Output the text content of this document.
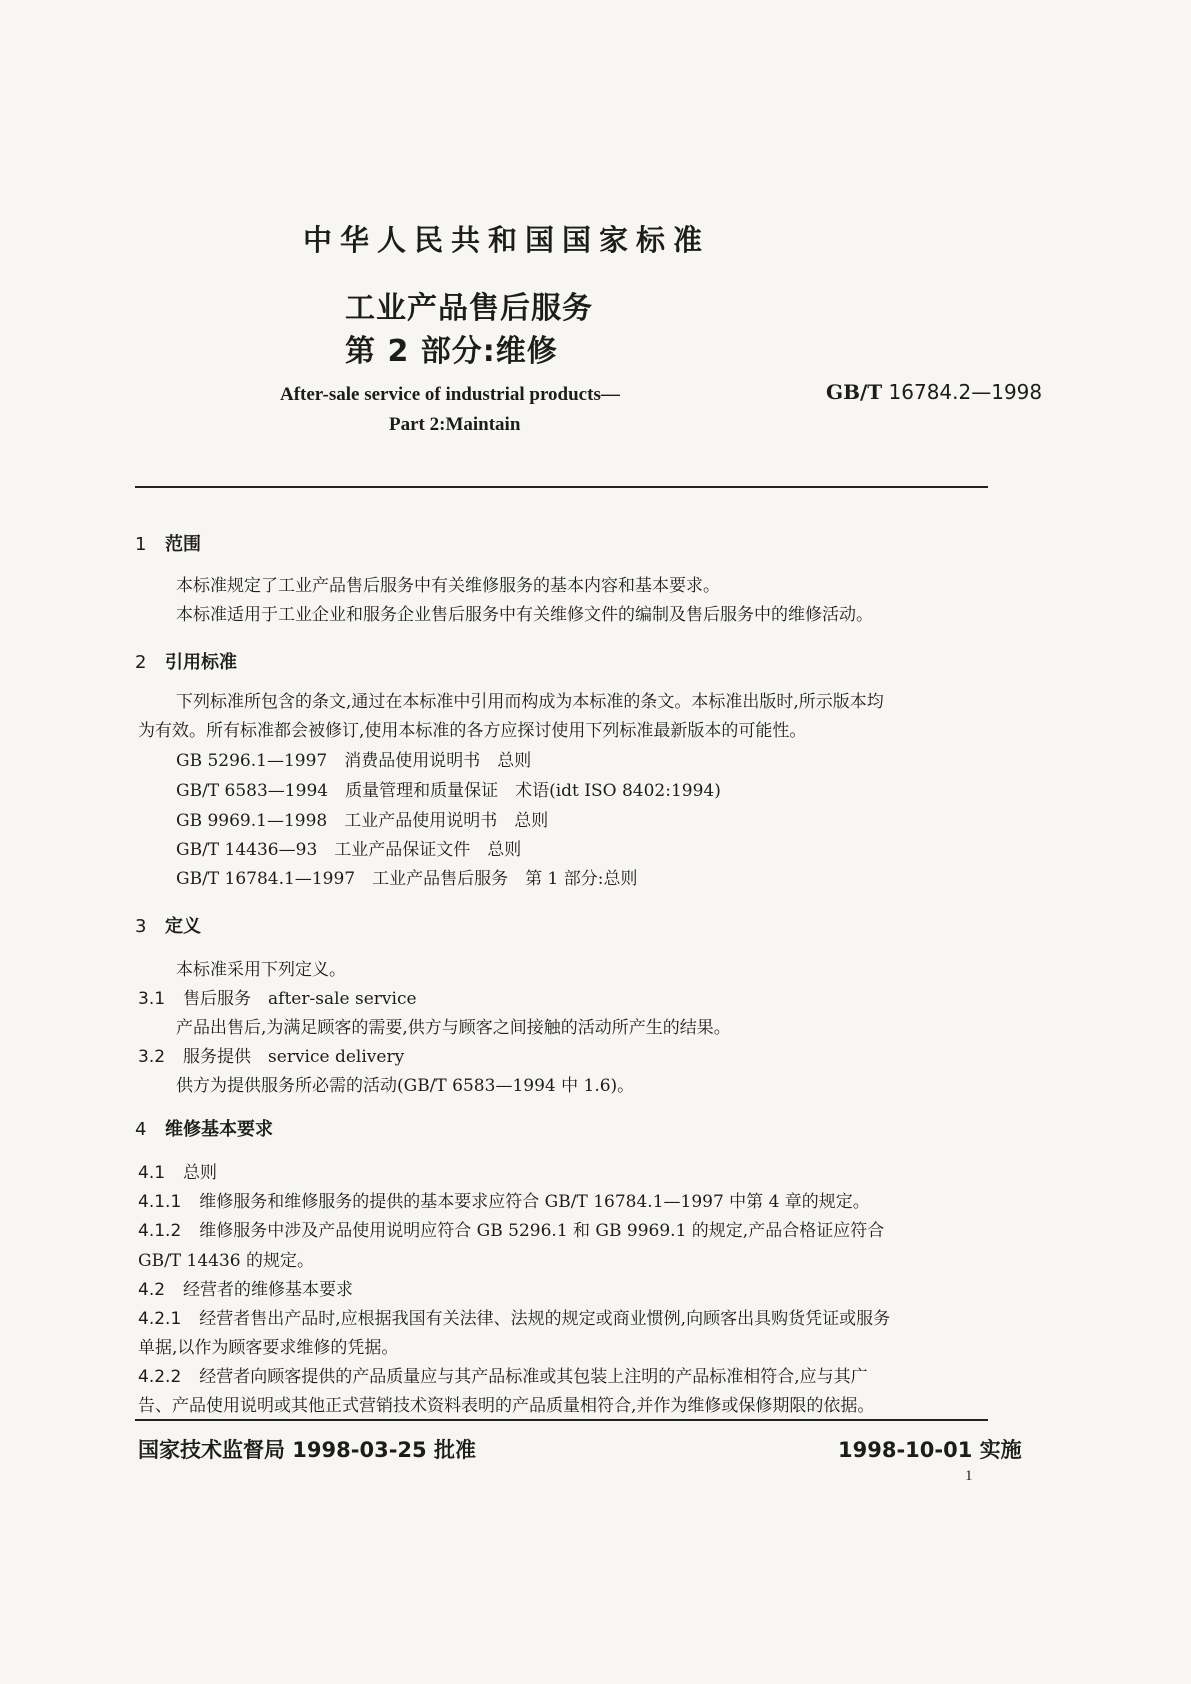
中华人民共和国国家标准
工业产品售后服务
第 2 部分:维修
GB/T 16784.2—1998
After-sale service of industrial products—
Part 2:Maintain
1 范围
本标准规定了工业产品售后服务中有关维修服务的基本内容和基本要求。
本标准适用于工业企业和服务企业售后服务中有关维修文件的编制及售后服务中的维修活动。
2 引用标准
下列标准所包含的条文,通过在本标准中引用而构成为本标准的条文。本标准出版时,所示版本均
为有效。所有标准都会被修订,使用本标准的各方应探讨使用下列标准最新版本的可能性。
GB 5296.1—1997　 消费品使用说明书　总则
GB/T 6583—1994　 质量管理和质量保证　术语(idt ISO 8402:1994)
GB 9969.1—1998　 工业产品使用说明书　总则
GB/T 14436—93　 工业产品保证文件　总则
GB/T 16784.1—1997　 工业产品售后服务　第 1 部分:总则
3 定义
本标准采用下列定义。
3.1 售后服务　after-sale service
产品出售后,为满足顾客的需要,供方与顾客之间接触的活动所产生的结果。
3.2 服务提供　service delivery
供方为提供服务所必需的活动(GB/T 6583—1994 中 1.6)。
4 维修基本要求
4.1 总则
4.1.1 维修服务和维修服务的提供的基本要求应符合 GB/T 16784.1—1997 中第 4 章的规定。
4.1.2 维修服务中涉及产品使用说明应符合 GB 5296.1 和 GB 9969.1 的规定,产品合格证应符合
GB/T 14436 的规定。
4.2 经营者的维修基本要求
4.2.1 经营者售出产品时,应根据我国有关法律、法规的规定或商业惯例,向顾客出具购货凭证或服务
单据,以作为顾客要求维修的凭据。
4.2.2 经营者向顾客提供的产品质量应与其产品标准或其包装上注明的产品标准相符合,应与其广
告、产品使用说明或其他正式营销技术资料表明的产品质量相符合,并作为维修或保修期限的依据。
国家技术监督局 1998-03-25 批准	1998-10-01 实施
1
